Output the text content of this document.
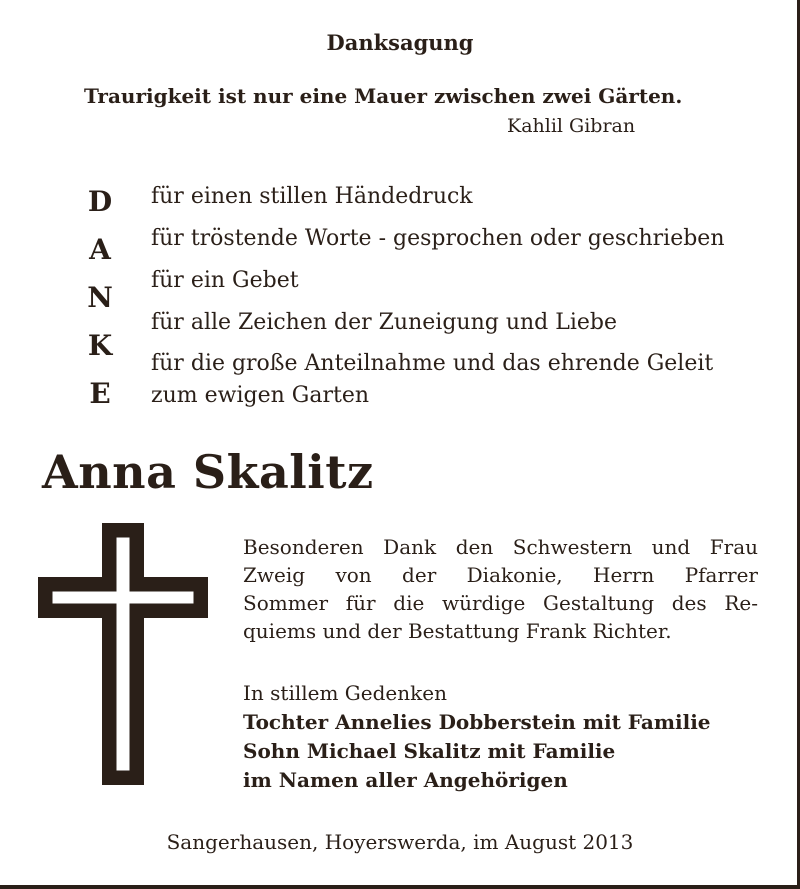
Danksagung
Traurigkeit ist nur eine Mauer zwischen zwei Gärten.
Kahlil Gibran
D
A
N
K
E
für einen stillen Händedruck
für tröstende Worte - gesprochen oder geschrieben
für ein Gebet
für alle Zeichen der Zuneigung und Liebe
für die große Anteilnahme und das ehrende Geleit
zum ewigen Garten
Anna Skalitz
Besonderen Dank den Schwestern und Frau
Zweig von der Diakonie, Herrn Pfarrer
Sommer für die würdige Gestaltung des Re-
quiems und der Bestattung Frank Richter.
In stillem Gedenken
Tochter Annelies Dobberstein mit Familie
Sohn Michael Skalitz mit Familie
im Namen aller Angehörigen
Sangerhausen, Hoyerswerda, im August 2013
